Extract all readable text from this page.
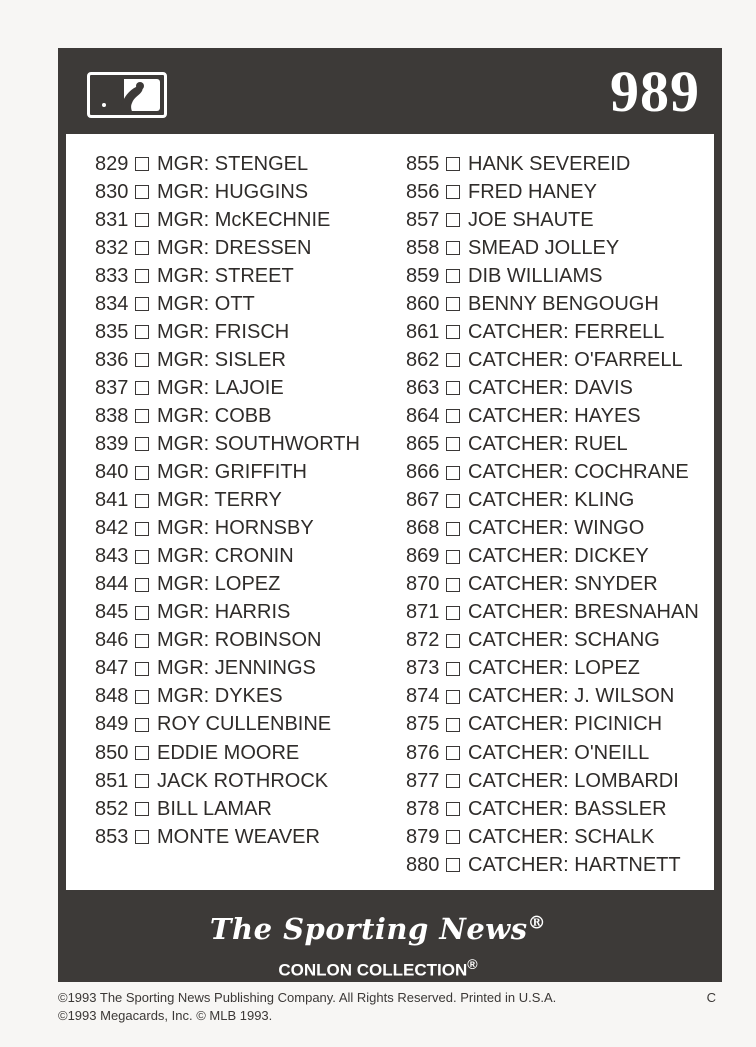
989
829 MGR: STENGEL
830 MGR: HUGGINS
831 MGR: McKECHNIE
832 MGR: DRESSEN
833 MGR: STREET
834 MGR: OTT
835 MGR: FRISCH
836 MGR: SISLER
837 MGR: LAJOIE
838 MGR: COBB
839 MGR: SOUTHWORTH
840 MGR: GRIFFITH
841 MGR: TERRY
842 MGR: HORNSBY
843 MGR: CRONIN
844 MGR: LOPEZ
845 MGR: HARRIS
846 MGR: ROBINSON
847 MGR: JENNINGS
848 MGR: DYKES
849 ROY CULLENBINE
850 EDDIE MOORE
851 JACK ROTHROCK
852 BILL LAMAR
853 MONTE WEAVER
855 HANK SEVEREID
856 FRED HANEY
857 JOE SHAUTE
858 SMEAD JOLLEY
859 DIB WILLIAMS
860 BENNY BENGOUGH
861 CATCHER: FERRELL
862 CATCHER: O'FARRELL
863 CATCHER: DAVIS
864 CATCHER: HAYES
865 CATCHER: RUEL
866 CATCHER: COCHRANE
867 CATCHER: KLING
868 CATCHER: WINGO
869 CATCHER: DICKEY
870 CATCHER: SNYDER
871 CATCHER: BRESNAHAN
872 CATCHER: SCHANG
873 CATCHER: LOPEZ
874 CATCHER: J. WILSON
875 CATCHER: PICINICH
876 CATCHER: O'NEILL
877 CATCHER: LOMBARDI
878 CATCHER: BASSLER
879 CATCHER: SCHALK
880 CATCHER: HARTNETT
The Sporting News®
CONLON COLLECTION®
©1993 The Sporting News Publishing Company. All Rights Reserved. Printed in U.S.A.
©1993 Megacards, Inc. © MLB 1993.
C
